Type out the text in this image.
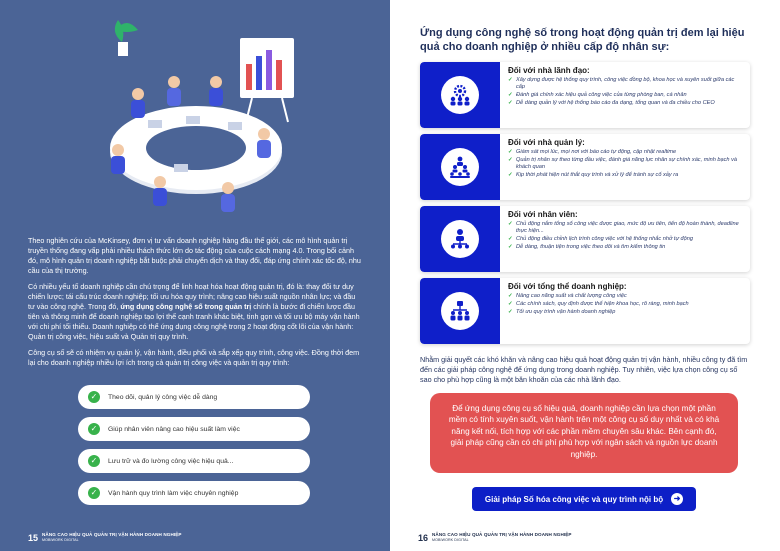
Theo nghiên cứu của McKinsey, đơn vị tư vấn doanh nghiệp hàng đầu thế giới, các mô hình quản trị truyền thống đang vấp phải nhiều thách thức lớn do tác động của cuộc cách mạng 4.0. Trong bối cảnh đó, mô hình quản trị doanh nghiệp bắt buộc phải chuyển dịch và thay đổi, đáp ứng chính xác tốc độ, nhu cầu của thị trường.

Có nhiều yếu tố doanh nghiệp cần chú trọng để linh hoạt hóa hoạt động quản trị, đó là: thay đổi tư duy chiến lược; tái cấu trúc doanh nghiệp; tối ưu hóa quy trình; nâng cao hiệu suất nguồn nhân lực; và đầu tư vào công nghệ. Trong đó, ứng dụng công nghệ số trong quản trị chính là bước đi chiến lược đầu tiên và thông minh để doanh nghiệp tạo lợi thế cạnh tranh khác biệt, tinh gọn và tối ưu bộ máy vận hành với chi phí tối thiểu. Doanh nghiệp có thể ứng dụng công nghệ trong 2 hoạt động cốt lõi của vận hành: Quản trị công việc, hiệu suất và Quản trị quy trình.

Công cụ số sẽ có nhiệm vụ quản lý, vận hành, điều phối và sắp xếp quy trình, công việc. Đồng thời đem lại cho doanh nghiệp nhiều lợi ích trong cả quản trị công việc và quản trị quy trình:

✓	Theo dõi, quản lý công việc dễ dàng
✓	Giúp nhân viên nâng cao hiệu suất làm việc
✓	Lưu trữ và đo lường công việc hiệu quả...
✓	Vận hành quy trình làm việc chuyên nghiệp
15 NÂNG CAO HIỆU QUẢ QUẢN TRỊ VẬN HÀNH DOANH NGHIỆP
MOBIWORK DIGITAL
Ứng dụng công nghệ số trong hoạt động quản trị đem lại hiệu quả cho doanh nghiệp ở nhiều cấp độ nhân sự:
Đối với nhà lãnh đạo:
✓ Xây dựng được hệ thống quy trình, công việc đồng bộ, khoa học và xuyên suốt giữa các cấp
✓ Đánh giá chính xác hiệu quả công việc của từng phòng ban, cá nhân
✓ Dễ dàng quản lý với hệ thống báo cáo đa dạng, tổng quan và đa chiều cho CEO
Đối với nhà quản lý:
✓ Giám sát mọi lúc, mọi nơi với báo cáo tự động, cập nhật realtime
✓ Quản trị nhân sự theo từng đầu việc, đánh giá năng lực nhân sự chính xác, minh bạch và khách quan
✓ Kịp thời phát hiện nút thắt quy trình và xử lý để tránh sự cố xảy ra
Đối với nhân viên:
✓ Chủ động nắm tổng số công việc được giao, mức độ ưu tiên, tiến độ hoàn thành, deadline thực hiện...
✓ Chủ động điều chỉnh lịch trình công việc với hệ thống nhắc nhở tự động
✓ Dễ dàng, thuận tiện trong việc theo dõi và tìm kiếm thông tin
Đối với tổng thể doanh nghiệp:
✓ Nâng cao năng suất và chất lượng công việc
✓ Các chính sách, quy định được thể hiện khoa học, rõ ràng, minh bạch
✓ Tối ưu quy trình vận hành doanh nghiệp
Nhằm giải quyết các khó khăn và nâng cao hiệu quả hoạt động quản trị vận hành, nhiều công ty đã tìm đến các giải pháp công nghệ để ứng dụng trong doanh nghiệp. Tuy nhiên, việc lựa chọn công cụ số sao cho phù hợp cũng là một băn khoăn của các nhà lãnh đạo.
Để ứng dụng công cụ số hiệu quả, doanh nghiệp cần lựa chọn một phần mềm có tính xuyên suốt, vận hành trên một công cụ số duy nhất và có khả năng kết nối, tích hợp với các phần mềm chuyên sâu khác. Bên cạnh đó, giải pháp cũng cần có chi phí phù hợp với ngân sách và nguồn lực doanh nghiệp.
Giải pháp Số hóa công việc và quy trình nội bộ	➜
16 NÂNG CAO HIỆU QUẢ QUẢN TRỊ VẬN HÀNH DOANH NGHIỆP
MOBIWORK DIGITAL
